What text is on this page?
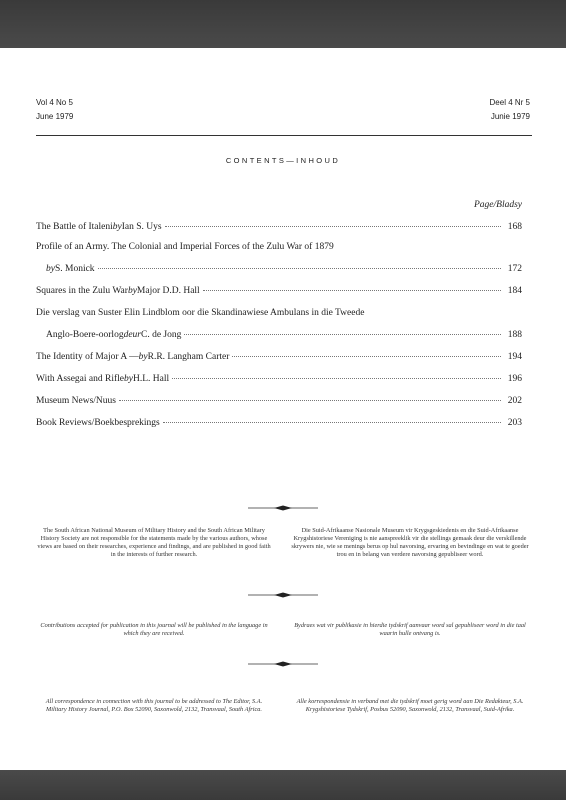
Vol 4 No 5
June 1979
Deel 4 Nr 5
Junie 1979
CONTENTS—INHOUD
Page/Bladsy
The Battle of Italeni by Ian S. Uys	168
Profile of an Army. The Colonial and Imperial Forces of the Zulu War of 1879
by S. Monick	172
Squares in the Zulu War by Major D.D. Hall	184
Die verslag van Suster Elin Lindblom oor die Skandinawiese Ambulans in die Tweede
Anglo-Boere-oorlog deur C. de Jong	188
The Identity of Major A — by R.R. Langham Carter	194
With Assegai and Rifle by H.L. Hall	196
Museum News/Nuus	202
Book Reviews/Boekbesprekings	203
The South African National Museum of Military History and the South African Military History Society are not responsible for the statements made by the various authors, whose views are based on their researches, experience and findings, and are published in good faith in the interests of further research.
Die Suid-Afrikaanse Nasionale Museum vir Krygsgeskiedenis en die Suid-Afrikaanse Krygshistoriese Vereniging is nie aanspreeklik vir die stellings gemaak deur die verskillende skrywers nie, wie se menings berus op hul navorsing, ervaring en bevindinge en wat te goeder trou en in belang van verdere navorsing gepubliseer word.
Contributions accepted for publication in this journal will be published in the language in which they are received.
Bydraes wat vir publikasie in hierdie tydskrif aanvaar word sal gepubliseer word in die taal waarin hulle ontvang is.
All correspondence in connection with this journal to be addressed to The Editor, S.A. Military History Journal, P.O. Box 52090, Saxonwold, 2132, Transvaal, South Africa.
Alle korrespondensie in verband met die tydskrif moet gerig word aan Die Redakteur, S.A. Krygshistoriese Tydskrif, Posbus 52090, Saxonwold, 2132, Transvaal, Suid-Afrika.
